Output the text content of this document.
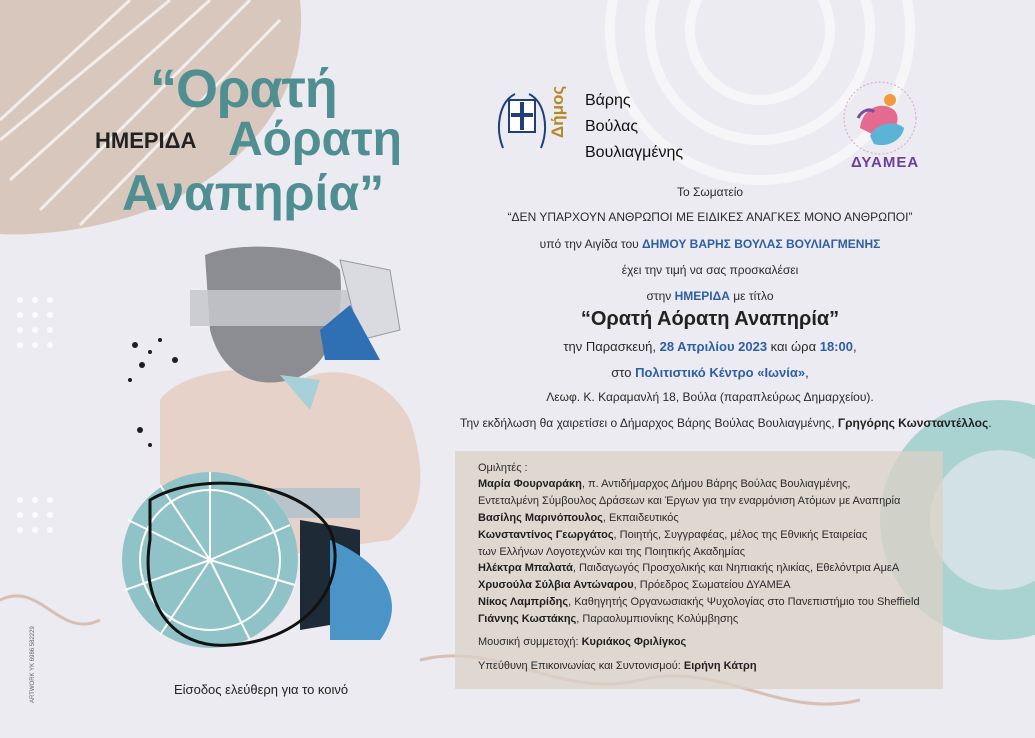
“Ορατή
ΗΜΕΡΙΔΑ Αόρατη
Αναπηρία”
Δήμος Βάρης
Βούλας
Βουλιαγμένης
ΔΥΑΜΕΑ
Το Σωματείο
“ΔΕΝ ΥΠΑΡΧΟΥΝ ΑΝΘΡΩΠΟΙ ΜΕ ΕΙΔΙΚΕΣ ΑΝΑΓΚΕΣ ΜΟΝΟ ΑΝΘΡΩΠΟΙ”
υπό την Αιγίδα του ΔΗΜΟΥ ΒΑΡΗΣ ΒΟΥΛΑΣ ΒΟΥΛΙΑΓΜΕΝΗΣ
έχει την τιμή να σας προσκαλέσει
στην ΗΜΕΡΙΔΑ με τίτλο
“Ορατή Αόρατη Αναπηρία”
την Παρασκευή, 28 Απριλίου 2023 και ώρα 18:00,
στο Πολιτιστικό Κέντρο «Ιωνία»,
Λεωφ. Κ. Καραμανλή 18, Βούλα (παραπλεύρως Δημαρχείου).
Την εκδήλωση θα χαιρετίσει ο Δήμαρχος Βάρης Βούλας Βουλιαγμένης, Γρηγόρης Κωνσταντέλλος.
Ομιλητές :
Μαρία Φουρναράκη, π. Αντιδήμαρχος Δήμου Βάρης Βούλας Βουλιαγμένης,
Εντεταλμένη Σύμβουλος Δράσεων και Έργων για την εναρμόνιση Ατόμων με Αναπηρία
Βασίλης Μαρινόπουλος, Εκπαιδευτικός
Κωνσταντίνος Γεωργάτος, Ποιητής, Συγγραφέας, μέλος της Εθνικής Εταιρείας
των Ελλήνων Λογοτεχνών και της Ποιητικής Ακαδημίας
Ηλέκτρα Μπαλατά, Παιδαγωγός Προσχολικής και Νηπιακής ηλικίας, Εθελόντρια ΑμεΑ
Χρυσούλα Σύλβια Αντώναρου, Πρόεδρος Σωματείου ΔΥΑΜΕΑ
Νίκος Λαμπρίδης, Καθηγητής Οργανωσιακής Ψυχολογίας στο Πανεπιστήμιο του Sheffield
Γιάννης Κωστάκης, Παραολυμπιονίκης Κολύμβησης
Μουσική συμμετοχή: Κυριάκος Φριλίγκος
Υπεύθυνη Επικοινωνίας και Συντονισμού: Ειρήνη Κάτρη
Είσοδος ελεύθερη για το κοινό
ARTWORK YK 6986 582229
